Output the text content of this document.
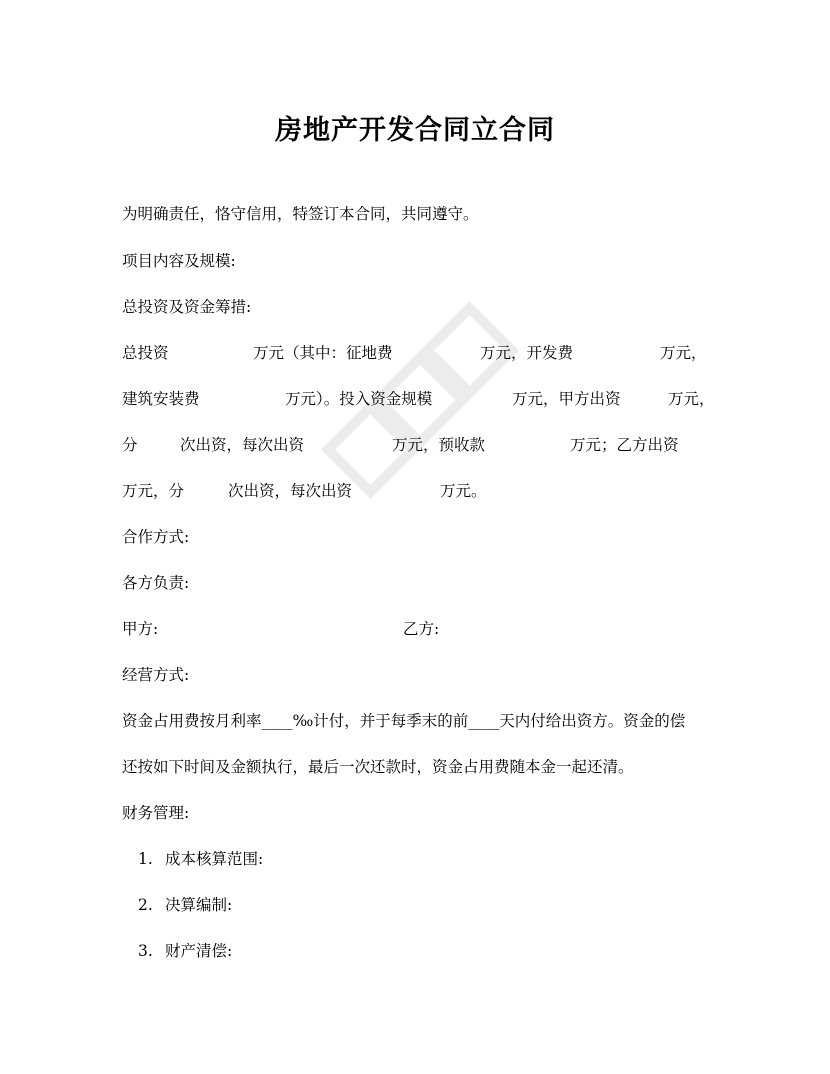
房地产开发合同立合同
为明确责任，恪守信用，特签订本合同，共同遵守。
项目内容及规模:
总投资及资金筹措:
总投资	万元（其中：征地费	万元，开发费	万元，
建筑安装费	万元）。投入资金规模	万元，甲方出资	万元，
分	次出资，每次出资	万元，预收款	万元；乙方出资
万元，分	次出资，每次出资	万元。
合作方式:
各方负责:
甲方:	乙方:
经营方式:
资金占用费按月利率____‰计付，并于每季末的前____天内付给出资方。资金的偿
还按如下时间及金额执行，最后一次还款时，资金占用费随本金一起还清。
财务管理:
1. 成本核算范围:
2. 决算编制:
3. 财产清偿:
